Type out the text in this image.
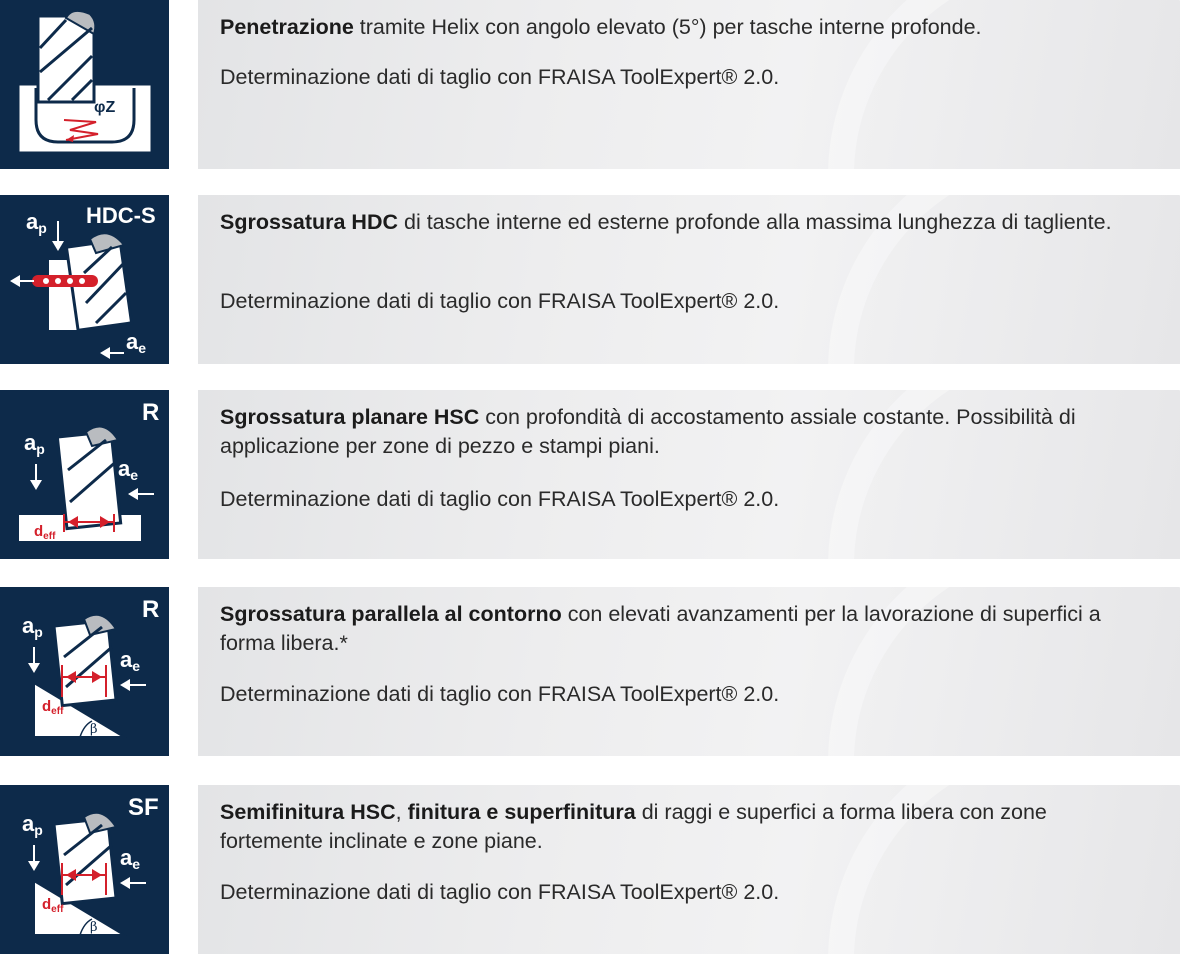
φZ

Penetrazione tramite Helix con angolo elevato (5°) per tasche interne profonde.

Determinazione dati di taglio con FRAISA ToolExpert® 2.0.

HDC-S
ap
ae

Sgrossatura HDC di tasche interne ed esterne profonde alla massima lunghezza di tagliente.

Determinazione dati di taglio con FRAISA ToolExpert® 2.0.

R
ap
$d_{eff}$
ae

Sgrossatura planare HSC con profondità di accostamento assiale costante. Possibilità di applicazione per zone di pezzo e stampi piani.

Determinazione dati di taglio con FRAISA ToolExpert® 2.0.

R
ap
$d_{eff}$
β
ae

Sgrossatura parallela al contorno con elevati avanzamenti per la lavorazione di superfici a forma libera.*

Determinazione dati di taglio con FRAISA ToolExpert® 2.0.

SF
ap
$d_{eff}$
β
ae

Semifinitura HSC, finitura e superfinitura di raggi e superfici a forma libera con zone fortemente inclinate e zone piane.

Determinazione dati di taglio con FRAISA ToolExpert® 2.0.
